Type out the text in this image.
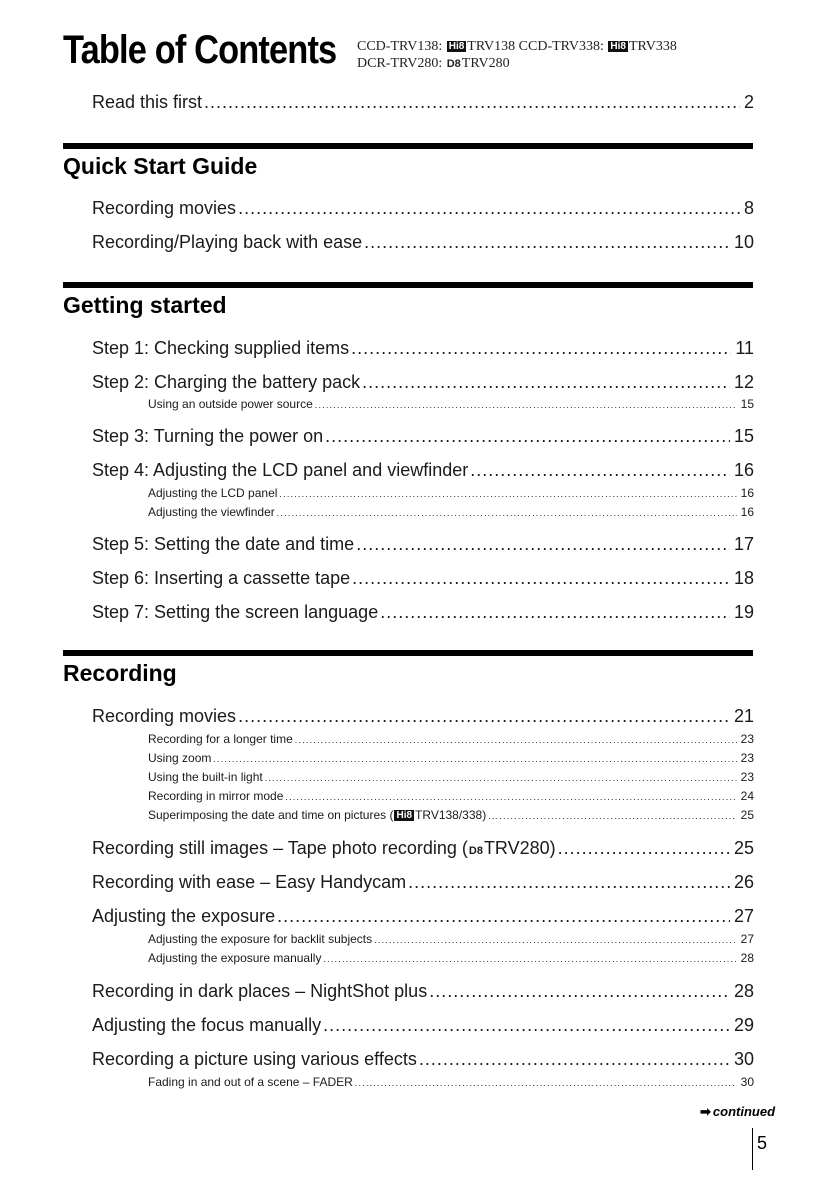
Table of Contents CCD-TRV138: Hi8 TRV138 CCD-TRV338: Hi8 TRV338
DCR-TRV280: D8TRV280
Read this first .....	2
Quick Start Guide
Recording movies .....	8
Recording/Playing back with ease .....	10
Getting started
Step 1: Checking supplied items .....	11
Step 2: Charging the battery pack .....	12
Using an outside power source .....	15
Step 3: Turning the power on .....	15
Step 4: Adjusting the LCD panel and viewfinder .....	16
Adjusting the LCD panel .....	16
Adjusting the viewfinder .....	16
Step 5: Setting the date and time .....	17
Step 6: Inserting a cassette tape .....	18
Step 7: Setting the screen language .....	19
Recording
Recording movies .....	21
Recording for a longer time .....	23
Using zoom .....	23
Using the built-in light .....	23
Recording in mirror mode .....	24
Superimposing the date and time on pictures ( Hi8 TRV138/338) .....	25
Recording still images – Tape photo recording (D8TRV280) .....	25
Recording with ease – Easy Handycam .....	26
Adjusting the exposure .....	27
Adjusting the exposure for backlit subjects .....	27
Adjusting the exposure manually .....	28
Recording in dark places – NightShot plus .....	28
Adjusting the focus manually .....	29
Recording a picture using various effects .....	30
Fading in and out of a scene – FADER .....	30
➡ continued
5
